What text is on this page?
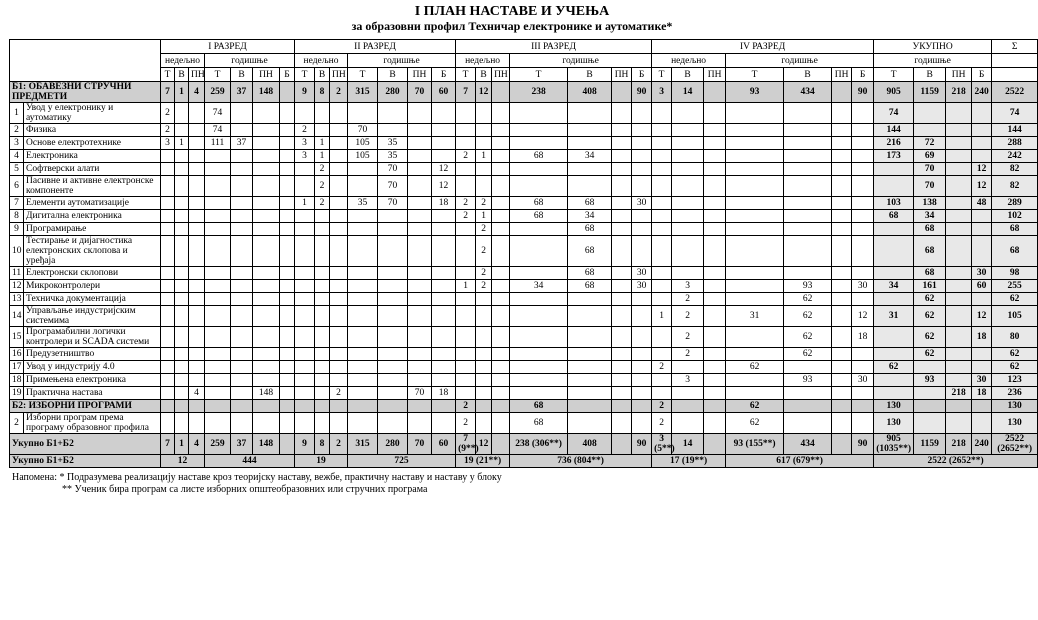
I ПЛАН НАСТАВЕ И УЧЕЊА
за образовни профил Техничар електронике и аутоматике*
		I РАЗРЕД							II РАЗРЕД							III РАЗРЕД							IV РАЗРЕД							УКУПНО				Σ
		недељно			годишње				недељно			годишње				недељно			годишње				недељно			годишње				годишње				
		Т	В	ПН	Т	В	ПН	Б	Т	В	ПН	Т	В	ПН	Б	Т	В	ПН	Т	В	ПН	Б	Т	В	ПН	Т	В	ПН	Б	Т	В	ПН	Б	
Б1: ОБАВЕЗНИ СТРУЧНИ ПРЕДМЕТИ		7	1	4	259	37	148		9	8	2	315	280	70	60	7	12		238	408		90	3	14		93	434		90	905	1159	218	240	2522
1	Увод у електронику и аутоматику	2			74																									74				74
2	Физика	2			74				2			70																		144				144
3	Основе електротехнике	3	1		111	37			3	1		105	35																	216	72			288
4	Електроника								3	1		105	35			2	1		68	34										173	69			242
5	Софтверски алати									2			70		12																70		12	82
6	Пасивне и активне електронске компоненте									2			70		12																70		12	82
7	Елементи аутоматизације								1	2		35	70		18	2	2		68	68		30								103	138		48	289
8	Дигитална електроника															2	1		68	34										68	34			102
9	Програмирање																2			68											68			68
10	Тестирање и дијагностика електронских склопова и уређаја																2			68											68			68
11	Електронски склопови																2			68		30									68		30	98
12	Микроконтролери															1	2		34	68		30		3			93		30	34	161		60	255
13	Техничка документација																							2			62				62			62
14	Управљање индустријским системима																						1	2		31	62		12	31	62		12	105
15	Програмабилни логички контролери и SCADA системи																							2			62		18		62		18	80
16	Предузетништво																							2			62				62			62
17	Увод у индустрију 4.0																						2			62				62				62
18	Примењена електроника																							3			93		30		93		30	123
19	Практична настава			4			148				2			70	18																	218	18	236
Б2: ИЗБОРНИ ПРОГРАМИ																2			68				2			62				130				130
2	Изборни програм према програму образовног профила															2			68				2			62				130				130
Укупно Б1+Б2		7	1	4	259	37	148		9	8	2	315	280	70	60	7 (9**)	12		238 (306**)	408		90	3 (5**)	14		93 (155**)	434		90	905 (1035**)	1159	218	240	2522 (2652**)
Укупно Б1+Б2		12			444				19			725				19 (21**)			736 (804**)				17 (19**)			617 (679**)				2522 (2652**)				
Напомена: * Подразумева реализацију наставе кроз теоријску наставу, вежбе, практичну наставу и наставу у блоку
** Ученик бира програм са листе изборних општеобразовних или стручних програма
